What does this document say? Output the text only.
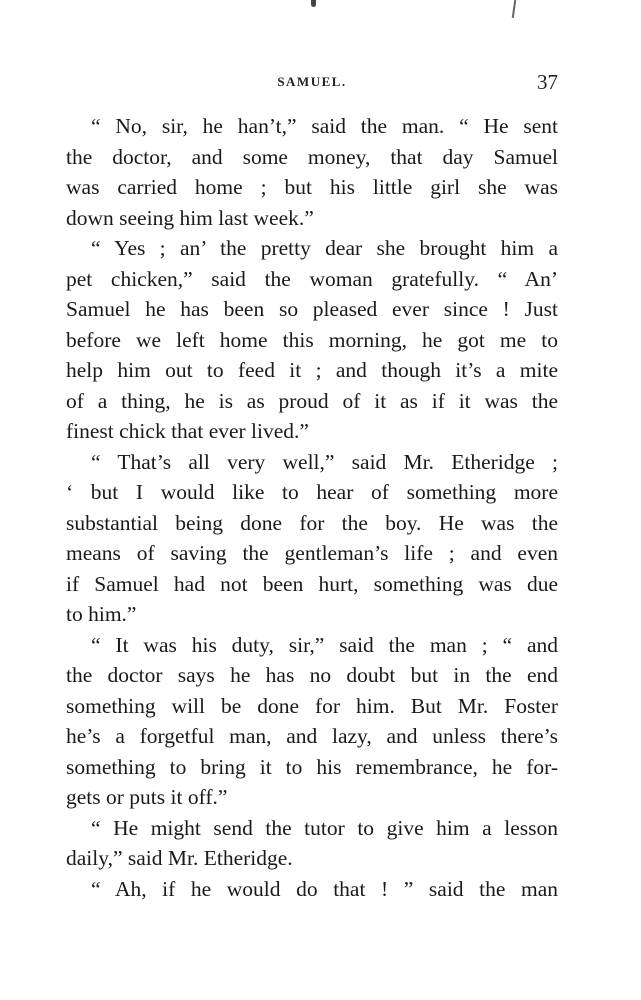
SAMUEL.	37
“ No, sir, he han’t,” said the man. “ He sent
the doctor, and some money, that day Samuel
was carried home ; but his little girl she was
down seeing him last week.”
“ Yes ; an’ the pretty dear she brought him a
pet chicken,” said the woman gratefully. “ An’
Samuel he has been so pleased ever since ! Just
before we left home this morning, he got me to
help him out to feed it ; and though it’s a mite
of a thing, he is as proud of it as if it was the
finest chick that ever lived.”
“ That’s all very well,” said Mr. Etheridge ;
‘ but I would like to hear of something more
substantial being done for the boy. He was the
means of saving the gentleman’s life ; and even
if Samuel had not been hurt, something was due
to him.”
“ It was his duty, sir,” said the man ; “ and
the doctor says he has no doubt but in the end
something will be done for him. But Mr. Foster
he’s a forgetful man, and lazy, and unless there’s
something to bring it to his remembrance, he for-
gets or puts it off.”
“ He might send the tutor to give him a lesson
daily,” said Mr. Etheridge.
“ Ah, if he would do that ! ” said the man
